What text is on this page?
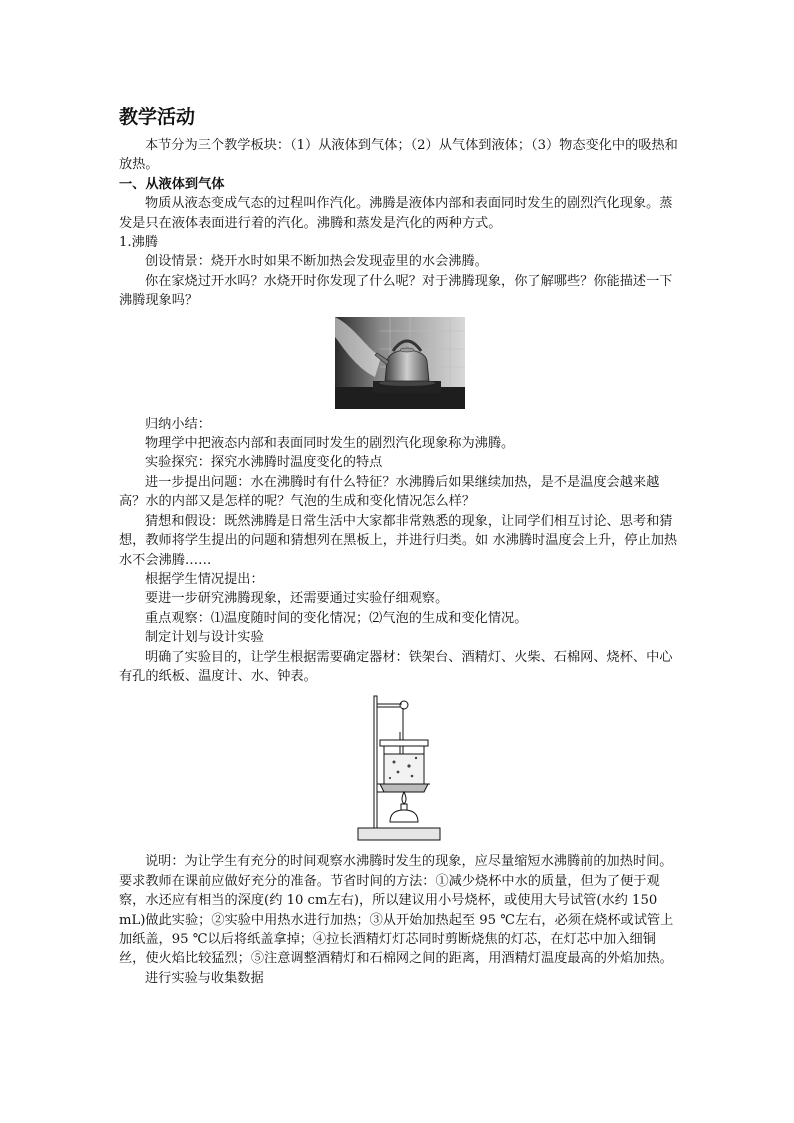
教学活动

本节分为三个教学板块：（1）从液体到气体；（2）从气体到液体；（3）物态变化中的吸热和放热。

一、从液体到气体

物质从液态变成气态的过程叫作汽化。沸腾是液体内部和表面同时发生的剧烈汽化现象。蒸发是只在液体表面进行着的汽化。沸腾和蒸发是汽化的两种方式。

1.沸腾

创设情景：烧开水时如果不断加热会发现壶里的水会沸腾。

你在家烧过开水吗？水烧开时你发现了什么呢？对于沸腾现象，你了解哪些？你能描述一下沸腾现象吗？

归纳小结：

物理学中把液态内部和表面同时发生的剧烈汽化现象称为沸腾。

实验探究：探究水沸腾时温度变化的特点

进一步提出问题：水在沸腾时有什么特征？水沸腾后如果继续加热，是不是温度会越来越高？水的内部又是怎样的呢？气泡的生成和变化情况怎么样？

猜想和假设：既然沸腾是日常生活中大家都非常熟悉的现象，让同学们相互讨论、思考和猜想，教师将学生提出的问题和猜想列在黑板上，并进行归类。如 水沸腾时温度会上升，停止加热水不会沸腾……

根据学生情况提出：

要进一步研究沸腾现象，还需要通过实验仔细观察。

重点观察：⑴温度随时间的变化情况；⑵气泡的生成和变化情况。

制定计划与设计实验

明确了实验目的，让学生根据需要确定器材：铁架台、酒精灯、火柴、石棉网、烧杯、中心有孔的纸板、温度计、水、钟表。

说明：为让学生有充分的时间观察水沸腾时发生的现象，应尽量缩短水沸腾前的加热时间。要求教师在课前应做好充分的准备。节省时间的方法：①减少烧杯中水的质量，但为了便于观察，水还应有相当的深度(约 10 cm左右)，所以建议用小号烧杯，或使用大号试管(水约 150 mL)做此实验；②实验中用热水进行加热；③从开始加热起至 95 ℃左右，必须在烧杯或试管上加纸盖，95 ℃以后将纸盖拿掉；④拉长酒精灯灯芯同时剪断烧焦的灯芯，在灯芯中加入细铜丝，使火焰比较猛烈；⑤注意调整酒精灯和石棉网之间的距离，用酒精灯温度最高的外焰加热。

进行实验与收集数据
